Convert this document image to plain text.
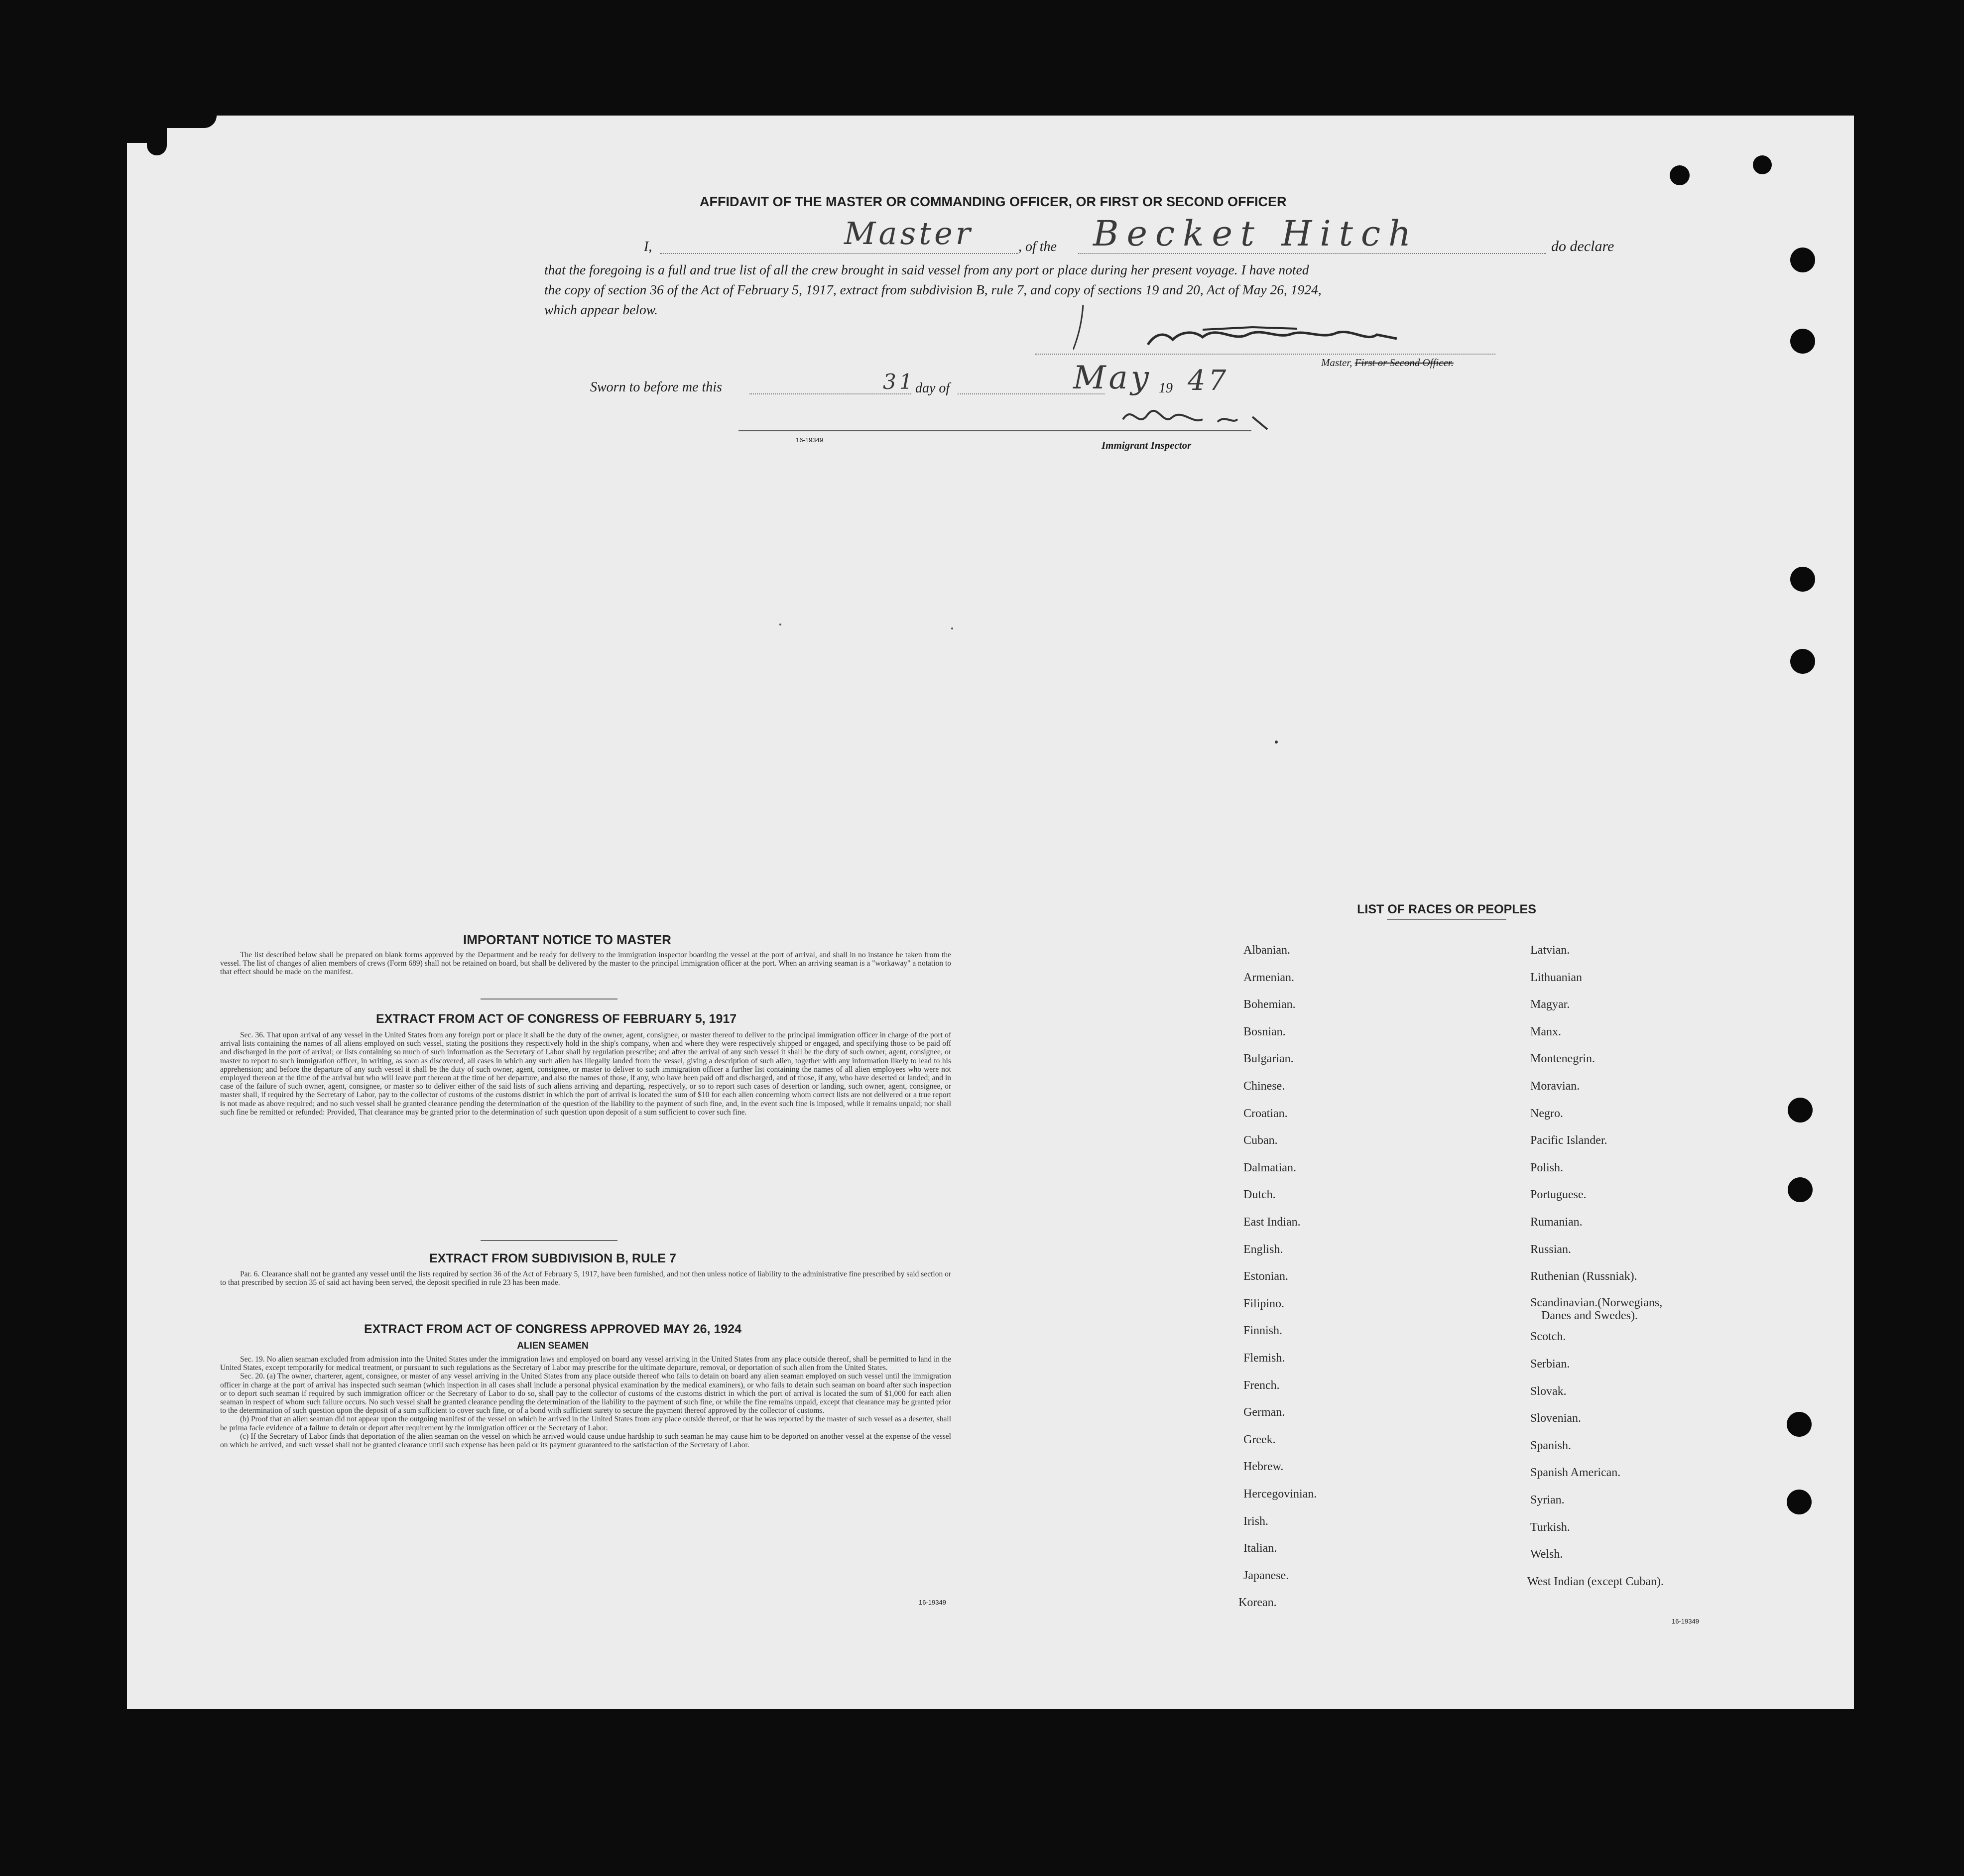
AFFIDAVIT OF THE MASTER OR COMMANDING OFFICER, OR FIRST OR SECOND OFFICER
I,	Master	, of the Becket Hitch	do declare
that the foregoing is a full and true list of all the crew brought in said vessel from any port or place during her present voyage. I have noted
the copy of section 36 of the Act of February 5, 1917, extract from subdivision B, rule 7, and copy of sections 19 and 20, Act of May 26, 1924,
which appear below.
Master, First or Second Officer.
Sworn to before me this	31 day of	May 19 47
16-19349	Immigrant Inspector
IMPORTANT NOTICE TO MASTER

The list described below shall be prepared on blank forms approved by the Department and be ready for delivery to the immigration inspector boarding the vessel at the port of arrival, and shall in no instance be taken from the vessel. The list of changes of alien members of crews (Form 689) shall not be retained on board, but shall be delivered by the master to the principal immigration officer at the port. When an arriving seaman is a "workaway" a notation to that effect should be made on the manifest.

EXTRACT FROM ACT OF CONGRESS OF FEBRUARY 5, 1917

Sec. 36. That upon arrival of any vessel in the United States from any foreign port or place it shall be the duty of the owner, agent, consignee, or master thereof to deliver to the principal immigration officer in charge of the port of arrival lists containing the names of all aliens employed on such vessel, stating the positions they respectively hold in the ship's company, when and where they were respectively shipped or engaged, and specifying those to be paid off and discharged in the port of arrival; or lists containing so much of such information as the Secretary of Labor shall by regulation prescribe; and after the arrival of any such vessel it shall be the duty of such owner, agent, consignee, or master to report to such immigration officer, in writing, as soon as discovered, all cases in which any such alien has illegally landed from the vessel, giving a description of such alien, together with any information likely to lead to his apprehension; and before the departure of any such vessel it shall be the duty of such owner, agent, consignee, or master to deliver to such immigration officer a further list containing the names of all alien employees who were not employed thereon at the time of the arrival but who will leave port thereon at the time of her departure, and also the names of those, if any, who have been paid off and discharged, and of those, if any, who have deserted or landed; and in case of the failure of such owner, agent, consignee, or master so to deliver either of the said lists of such aliens arriving and departing, respectively, or so to report such cases of desertion or landing, such owner, agent, consignee, or master shall, if required by the Secretary of Labor, pay to the collector of customs of the customs district in which the port of arrival is located the sum of $10 for each alien concerning whom correct lists are not delivered or a true report is not made as above required; and no such vessel shall be granted clearance pending the determination of the question of the liability to the payment of such fine, and, in the event such fine is imposed, while it remains unpaid; nor shall such fine be remitted or refunded: Provided, That clearance may be granted prior to the determination of such question upon deposit of a sum sufficient to cover such fine.

EXTRACT FROM SUBDIVISION B, RULE 7

Par. 6. Clearance shall not be granted any vessel until the lists required by section 36 of the Act of February 5, 1917, have been furnished, and not then unless notice of liability to the administrative fine prescribed by said section or to that prescribed by section 35 of said act having been served, the deposit specified in rule 23 has been made.

EXTRACT FROM ACT OF CONGRESS APPROVED MAY 26, 1924
ALIEN SEAMEN

Sec. 19. No alien seaman excluded from admission into the United States under the immigration laws and employed on board any vessel arriving in the United States from any place outside thereof, shall be permitted to land in the United States, except temporarily for medical treatment, or pursuant to such regulations as the Secretary of Labor may prescribe for the ultimate departure, removal, or deportation of such alien from the United States.

Sec. 20. (a) The owner, charterer, agent, consignee, or master of any vessel arriving in the United States from any place outside thereof who fails to detain on board any alien seaman employed on such vessel until the immigration officer in charge at the port of arrival has inspected such seaman (which inspection in all cases shall include a personal physical examination by the medical examiners), or who fails to detain such seaman on board after such inspection or to deport such seaman if required by such immigration officer or the Secretary of Labor to do so, shall pay to the collector of customs of the customs district in which the port of arrival is located the sum of $1,000 for each alien seaman in respect of whom such failure occurs. No such vessel shall be granted clearance pending the determination of the liability to the payment of such fine, or while the fine remains unpaid, except that clearance may be granted prior to the determination of such question upon the deposit of a sum sufficient to cover such fine, or of a bond with sufficient surety to secure the payment thereof approved by the collector of customs.

(b) Proof that an alien seaman did not appear upon the outgoing manifest of the vessel on which he arrived in the United States from any place outside thereof, or that he was reported by the master of such vessel as a deserter, shall be prima facie evidence of a failure to detain or deport after requirement by the immigration officer or the Secretary of Labor.

(c) If the Secretary of Labor finds that deportation of the alien seaman on the vessel on which he arrived would cause undue hardship to such seaman he may cause him to be deported on another vessel at the expense of the vessel on which he arrived, and such vessel shall not be granted clearance until such expense has been paid or its payment guaranteed to the satisfaction of the Secretary of Labor.

16-19349
LIST OF RACES OR PEOPLES
Albanian.
Armenian.
Bohemian.
Bosnian.
Bulgarian.
Chinese.
Croatian.
Cuban.
Dalmatian.
Dutch.
East Indian.
English.
Estonian.
Filipino.
Finnish.
Flemish.
French.
German.
Greek.
Hebrew.
Hercegovinian.
Irish.
Italian.
Japanese.
Korean.
Latvian.
Lithuanian
Magyar.
Manx.
Montenegrin.
Moravian.
Negro.
Pacific Islander.
Polish.
Portuguese.
Rumanian.
Russian.
Ruthenian (Russniak).
Scandinavian.(Norwegians,
Danes and Swedes).
Scotch.
Serbian.
Slovak.
Slovenian.
Spanish.
Spanish American.
Syrian.
Turkish.
Welsh.
West Indian (except Cuban).
16-19349
